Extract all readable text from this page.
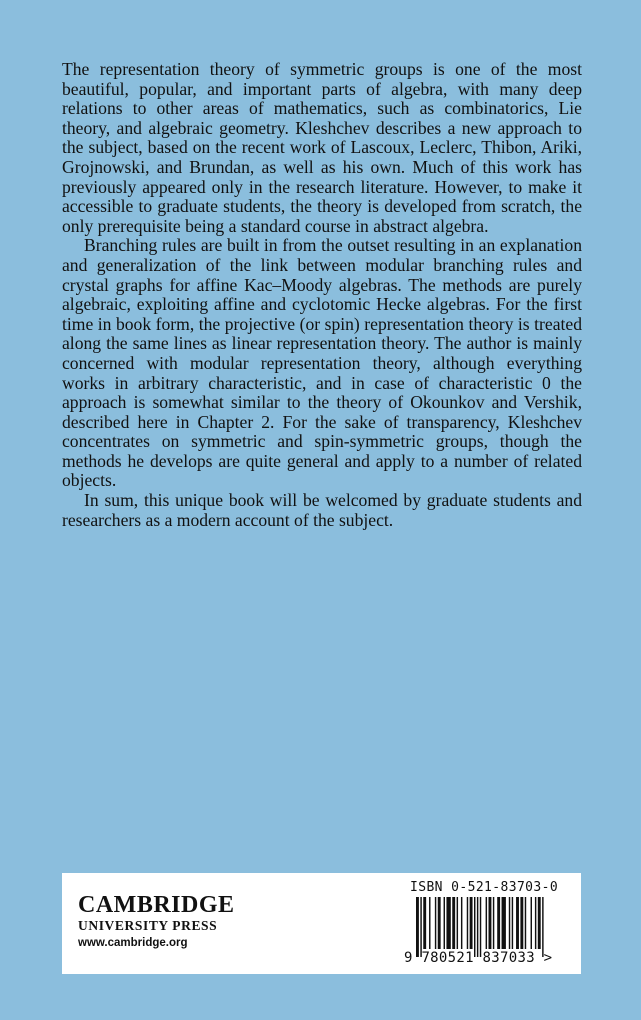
The representation theory of symmetric groups is one of the most beautiful, popular, and important parts of algebra, with many deep relations to other areas of mathematics, such as combinatorics, Lie theory, and algebraic geometry. Kleshchev describes a new approach to the subject, based on the recent work of Lascoux, Leclerc, Thibon, Ariki, Grojnowski, and Brundan, as well as his own. Much of this work has previously appeared only in the research literature. However, to make it accessible to graduate students, the theory is developed from scratch, the only prerequisite being a standard course in abstract algebra.

Branching rules are built in from the outset resulting in an explanation and generalization of the link between modular branching rules and crystal graphs for affine Kac–Moody algebras. The methods are purely algebraic, exploiting affine and cyclotomic Hecke algebras. For the first time in book form, the projective (or spin) representation theory is treated along the same lines as linear representation theory. The author is mainly concerned with modular representation theory, although everything works in arbitrary characteristic, and in case of characteristic 0 the approach is somewhat similar to the theory of Okounkov and Vershik, described here in Chapter 2. For the sake of transparency, Kleshchev concentrates on symmetric and spin-symmetric groups, though the methods he develops are quite general and apply to a number of related objects.

In sum, this unique book will be welcomed by graduate students and researchers as a modern account of the subject.

CAMBRIDGE
UNIVERSITY PRESS
www.cambridge.org
ISBN 0-521-83703-0
9 780521 837033 >
